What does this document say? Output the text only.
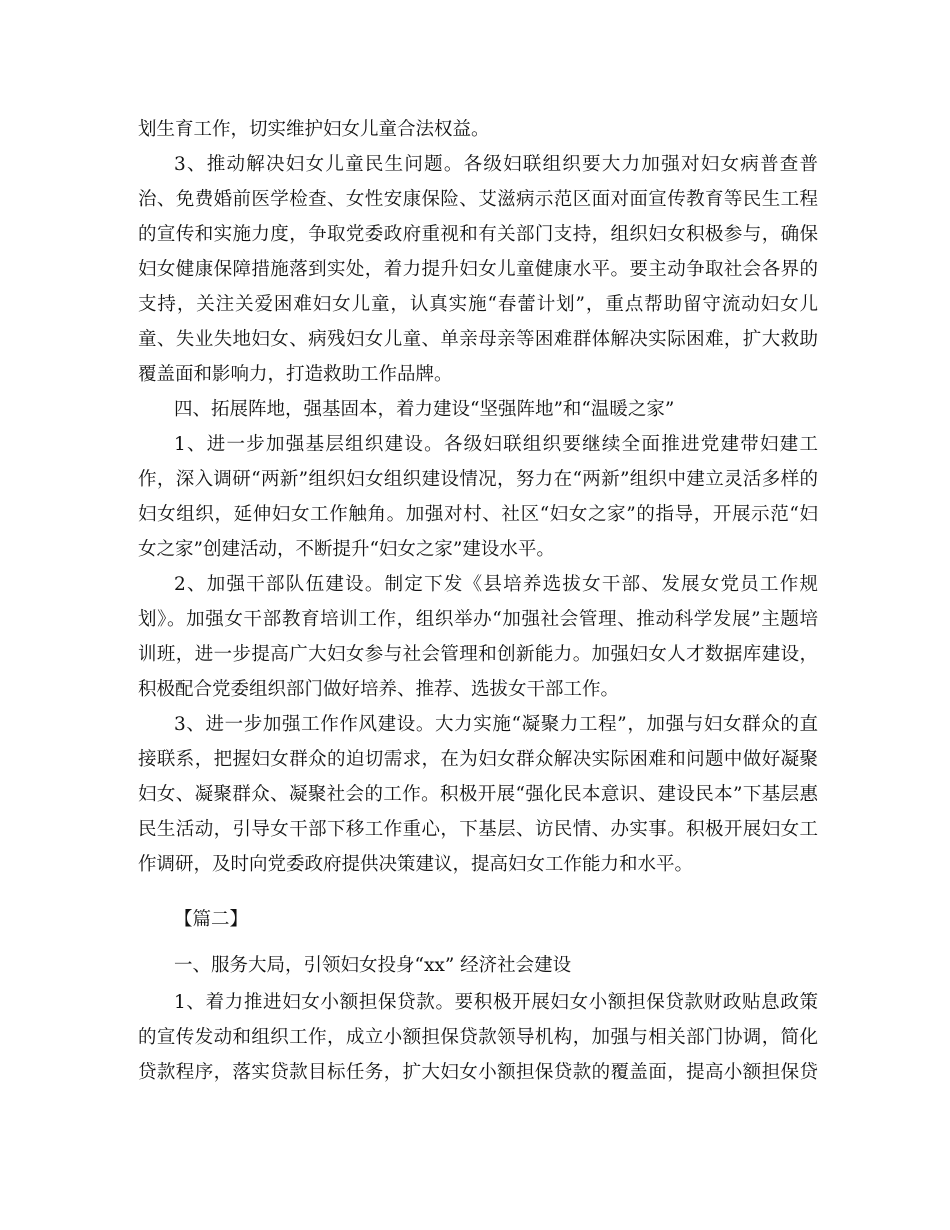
划生育工作，切实维护妇女儿童合法权益。
3、推动解决妇女儿童民生问题。各级妇联组织要大力加强对妇女病普查普
治、免费婚前医学检查、女性安康保险、艾滋病示范区面对面宣传教育等民生工程
的宣传和实施力度，争取党委政府重视和有关部门支持，组织妇女积极参与，确保
妇女健康保障措施落到实处，着力提升妇女儿童健康水平。要主动争取社会各界的
支持，关注关爱困难妇女儿童，认真实施“春蕾计划”，重点帮助留守流动妇女儿
童、失业失地妇女、病残妇女儿童、单亲母亲等困难群体解决实际困难，扩大救助
覆盖面和影响力，打造救助工作品牌。
四、拓展阵地，强基固本，着力建设“坚强阵地”和“温暖之家”
1、进一步加强基层组织建设。各级妇联组织要继续全面推进党建带妇建工
作，深入调研“两新”组织妇女组织建设情况，努力在“两新”组织中建立灵活多样的
妇女组织，延伸妇女工作触角。加强对村、社区“妇女之家”的指导，开展示范“妇
女之家”创建活动，不断提升“妇女之家”建设水平。
2、加强干部队伍建设。制定下发《县培养选拔女干部、发展女党员工作规
划》。加强女干部教育培训工作，组织举办“加强社会管理、推动科学发展”主题培
训班，进一步提高广大妇女参与社会管理和创新能力。加强妇女人才数据库建设，
积极配合党委组织部门做好培养、推荐、选拔女干部工作。
3、进一步加强工作作风建设。大力实施“凝聚力工程”，加强与妇女群众的直
接联系，把握妇女群众的迫切需求，在为妇女群众解决实际困难和问题中做好凝聚
妇女、凝聚群众、凝聚社会的工作。积极开展“强化民本意识、建设民本”下基层惠
民生活动，引导女干部下移工作重心，下基层、访民情、办实事。积极开展妇女工
作调研，及时向党委政府提供决策建议，提高妇女工作能力和水平。
【篇二】
一、服务大局，引领妇女投身“xx” 经济社会建设
1、着力推进妇女小额担保贷款。要积极开展妇女小额担保贷款财政贴息政策
的宣传发动和组织工作，成立小额担保贷款领导机构，加强与相关部门协调，简化
贷款程序，落实贷款目标任务，扩大妇女小额担保贷款的覆盖面，提高小额担保贷
